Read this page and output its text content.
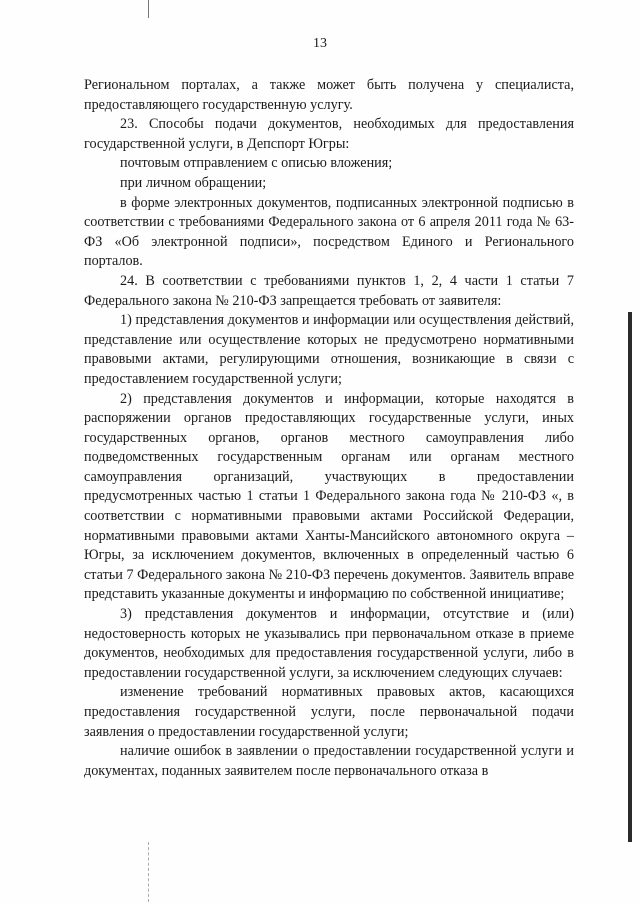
13

Региональном порталах, а также может быть получена у специалиста, предоставляющего государственную услугу.

23. Способы подачи документов, необходимых для предоставления государственной услуги, в Депспорт Югры:

почтовым отправлением с описью вложения;

при личном обращении;

в форме электронных документов, подписанных электронной подписью в соответствии с требованиями Федерального закона от 6 апреля 2011 года № 63-ФЗ «Об электронной подписи», посредством Единого и Регионального порталов.

24. В соответствии с требованиями пунктов 1, 2, 4 части 1 статьи 7 Федерального закона № 210-ФЗ запрещается требовать от заявителя:

1) представления документов и информации или осуществления действий, представление или осуществление которых не предусмотрено нормативными правовыми актами, регулирующими отношения, возникающие в связи с предоставлением государственной услуги;

2) представления документов и информации, которые находятся в распоряжении органов предоставляющих государственные услуги, иных государственных органов, органов местного самоуправления либо подведомственных государственным органам или органам местного самоуправления организаций, участвующих в предоставлении предусмотренных частью 1 статьи 1 Федерального закона года № 210-ФЗ «, в соответствии с нормативными правовыми актами Российской Федерации, нормативными правовыми актами Ханты-Мансийского автономного округа – Югры, за исключением документов, включенных в определенный частью 6 статьи 7 Федерального закона № 210-ФЗ перечень документов. Заявитель вправе представить указанные документы и информацию по собственной инициативе;

3) представления документов и информации, отсутствие и (или) недостоверность которых не указывались при первоначальном отказе в приеме документов, необходимых для предоставления государственной услуги, либо в предоставлении государственной услуги, за исключением следующих случаев:

изменение требований нормативных правовых актов, касающихся предоставления государственной услуги, после первоначальной подачи заявления о предоставлении государственной услуги;

наличие ошибок в заявлении о предоставлении государственной услуги и документах, поданных заявителем после первоначального отказа в
